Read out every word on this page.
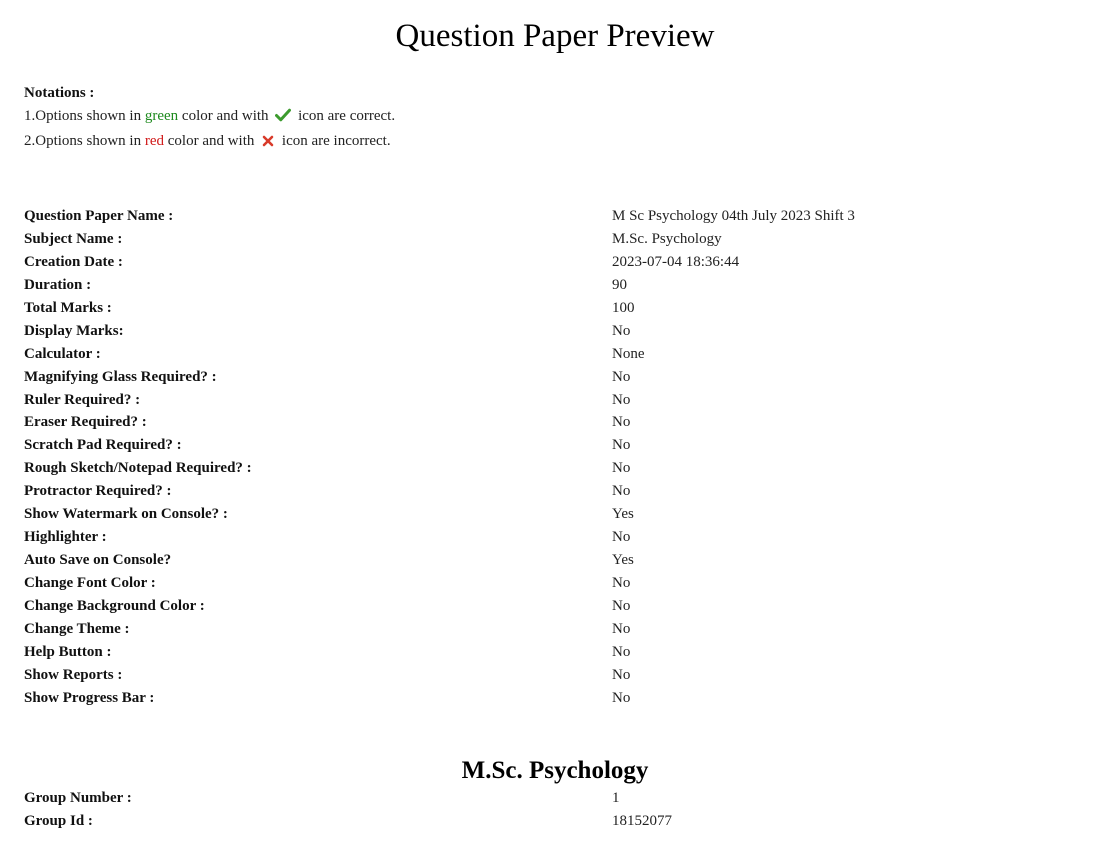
Question Paper Preview
Notations :
1.Options shown in green color and with  icon are correct.
2.Options shown in red color and with  icon are incorrect.
Question Paper Name :	M Sc Psychology 04th July 2023 Shift 3
Subject Name :	M.Sc. Psychology
Creation Date :	2023-07-04 18:36:44
Duration :	90
Total Marks :	100
Display Marks:	No
Calculator :	None
Magnifying Glass Required? :	No
Ruler Required? :	No
Eraser Required? :	No
Scratch Pad Required? :	No
Rough Sketch/Notepad Required? :	No
Protractor Required? :	No
Show Watermark on Console? :	Yes
Highlighter :	No
Auto Save on Console?	Yes
Change Font Color :	No
Change Background Color :	No
Change Theme :	No
Help Button :	No
Show Reports :	No
Show Progress Bar :	No
M.Sc. Psychology
Group Number :	1
Group Id :	18152077
